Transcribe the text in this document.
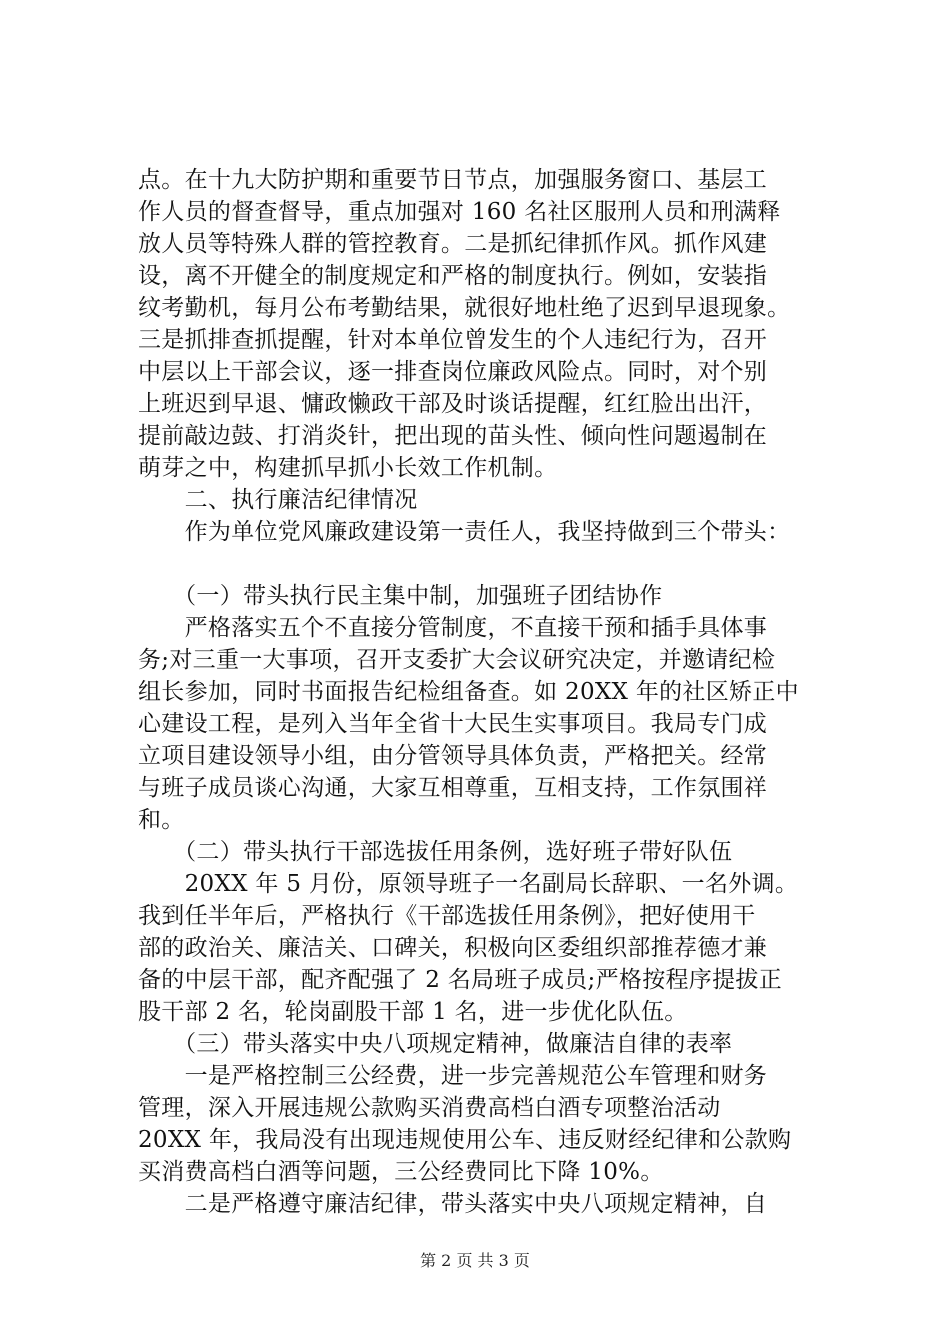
点。在十九大防护期和重要节日节点，加强服务窗口、基层工
作人员的督查督导，重点加强对 160 名社区服刑人员和刑满释
放人员等特殊人群的管控教育。二是抓纪律抓作风。抓作风建
设，离不开健全的制度规定和严格的制度执行。例如，安装指
纹考勤机，每月公布考勤结果，就很好地杜绝了迟到早退现象。
三是抓排查抓提醒，针对本单位曾发生的个人违纪行为，召开
中层以上干部会议，逐一排查岗位廉政风险点。同时，对个别
上班迟到早退、慵政懒政干部及时谈话提醒，红红脸出出汗，
提前敲边鼓、打消炎针，把出现的苗头性、倾向性问题遏制在
萌芽之中，构建抓早抓小长效工作机制。
　　二、执行廉洁纪律情况
　　作为单位党风廉政建设第一责任人，我坚持做到三个带头：
　　（一）带头执行民主集中制，加强班子团结协作
　　严格落实五个不直接分管制度，不直接干预和插手具体事
务;对三重一大事项，召开支委扩大会议研究决定，并邀请纪检
组长参加，同时书面报告纪检组备查。如 20XX 年的社区矫正中
心建设工程，是列入当年全省十大民生实事项目。我局专门成
立项目建设领导小组，由分管领导具体负责，严格把关。经常
与班子成员谈心沟通，大家互相尊重，互相支持，工作氛围祥
和。
　　（二）带头执行干部选拔任用条例，选好班子带好队伍
　　20XX 年 5 月份，原领导班子一名副局长辞职、一名外调。
我到任半年后，严格执行《干部选拔任用条例》，把好使用干
部的政治关、廉洁关、口碑关，积极向区委组织部推荐德才兼
备的中层干部，配齐配强了 2 名局班子成员;严格按程序提拔正
股干部 2 名，轮岗副股干部 1 名，进一步优化队伍。
　　（三）带头落实中央八项规定精神，做廉洁自律的表率
　　一是严格控制三公经费，进一步完善规范公车管理和财务
管理，深入开展违规公款购买消费高档白酒专项整治活动
20XX 年，我局没有出现违规使用公车、违反财经纪律和公款购
买消费高档白酒等问题，三公经费同比下降 10%。
　　二是严格遵守廉洁纪律，带头落实中央八项规定精神，自
第 2 页 共 3 页
